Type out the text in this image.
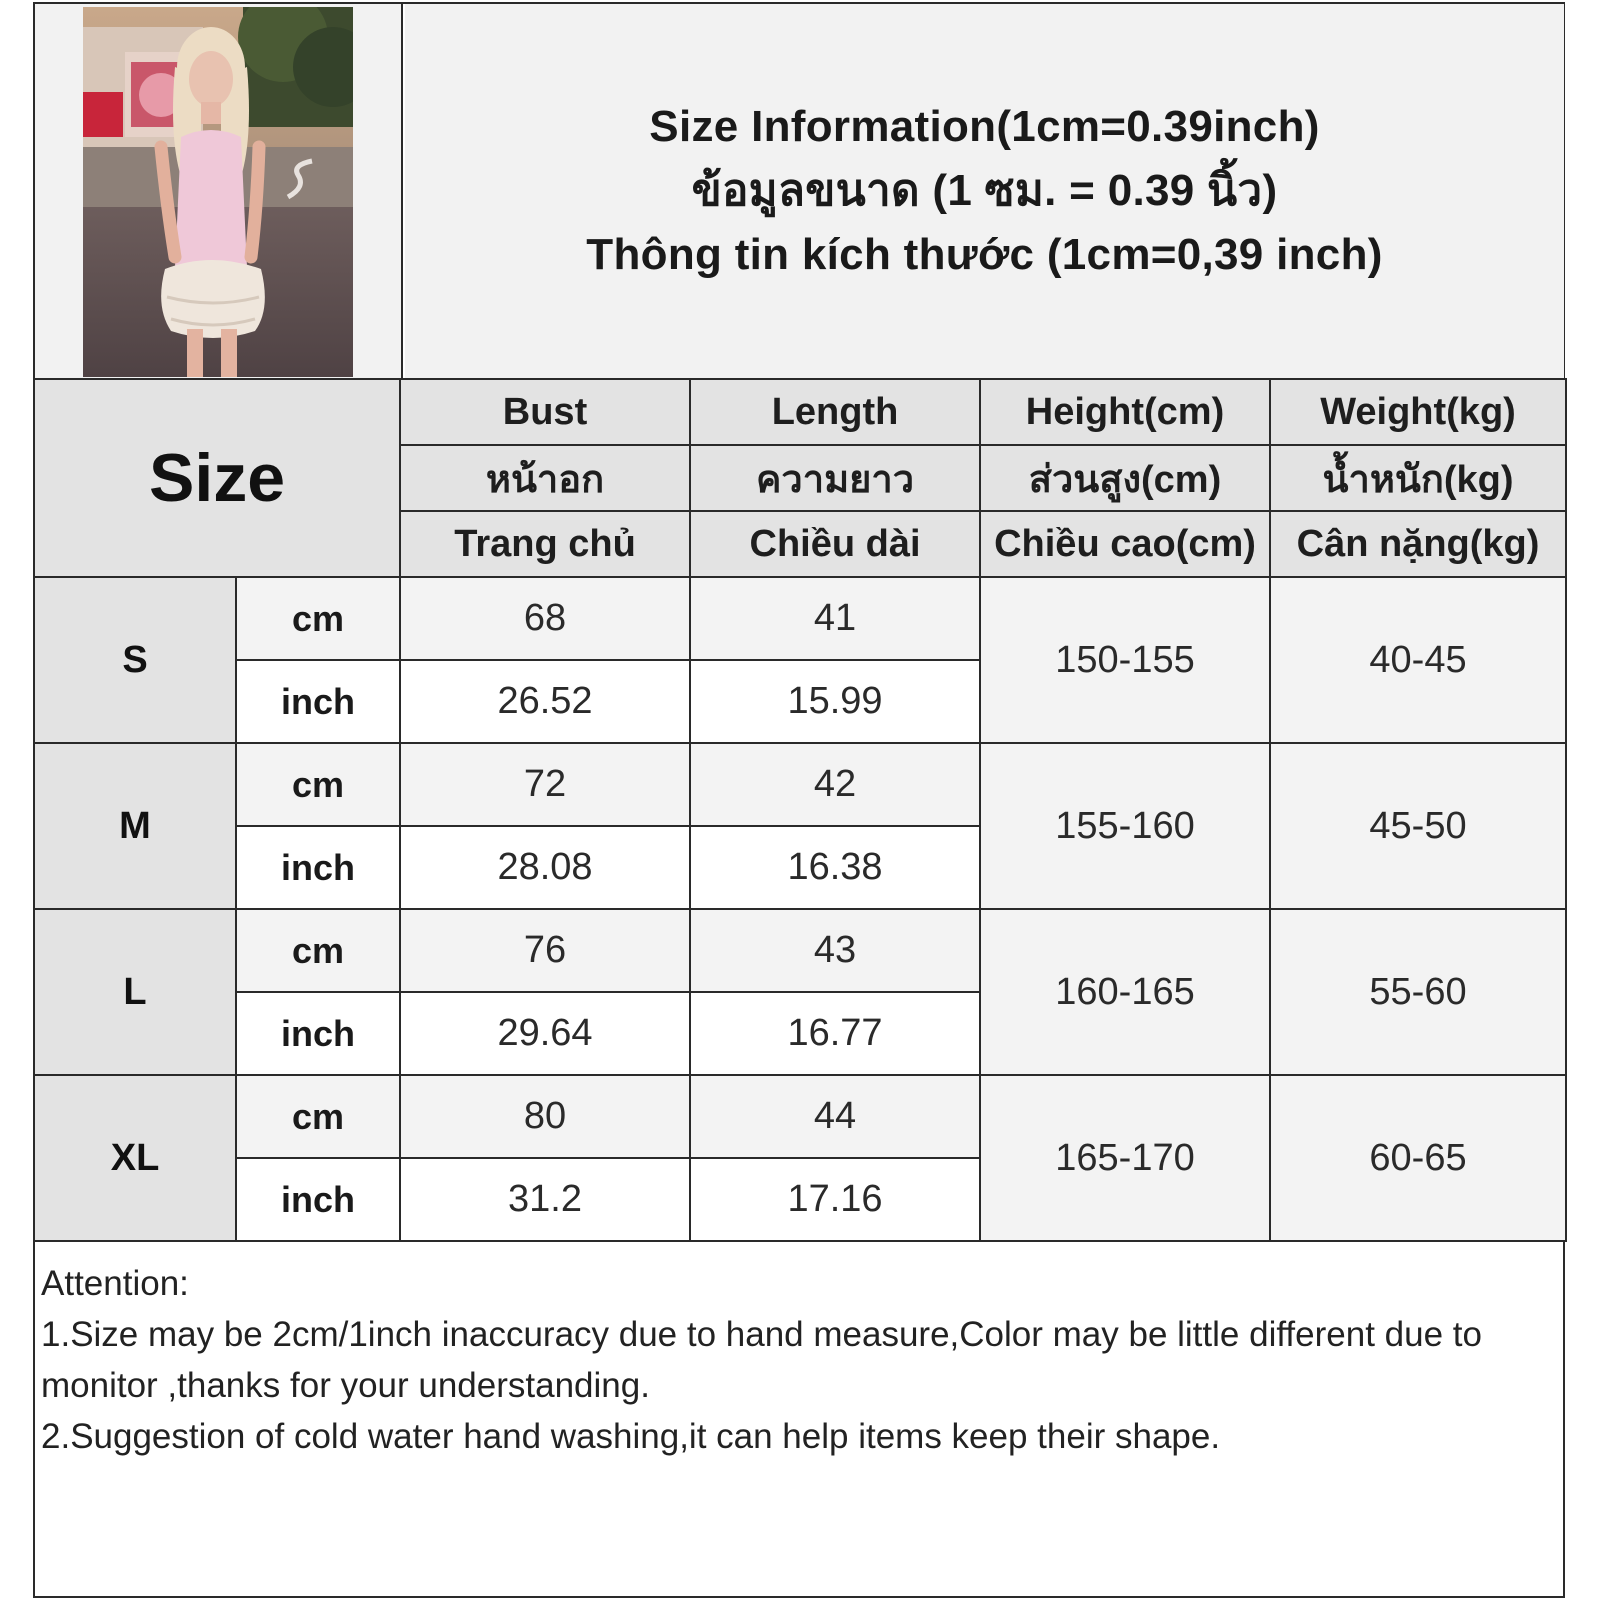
Size Information(1cm=0.39inch)
ข้อมูลขนาด (1 ซม. = 0.39 นิ้ว)
Thông tin kích thước (1cm=0,39 inch)
Size		Bust	Length	Height(cm)	Weight(kg)
		หน้าอก	ความยาว	ส่วนสูง(cm)	น้ำหนัก(kg)
		Trang chủ	Chiều dài	Chiều cao(cm)	Cân nặng(kg)
S	cm	68	41	150-155	40-45
	inch	26.52	15.99		
M	cm	72	42	155-160	45-50
	inch	28.08	16.38		
L	cm	76	43	160-165	55-60
	inch	29.64	16.77		
XL	cm	80	44	165-170	60-65
	inch	31.2	17.16		

Attention:

1.Size may be 2cm/1inch inaccuracy due to hand measure,Color may be little different due to monitor ,thanks for your understanding.

2.Suggestion of cold water hand washing,it can help items keep their shape.
